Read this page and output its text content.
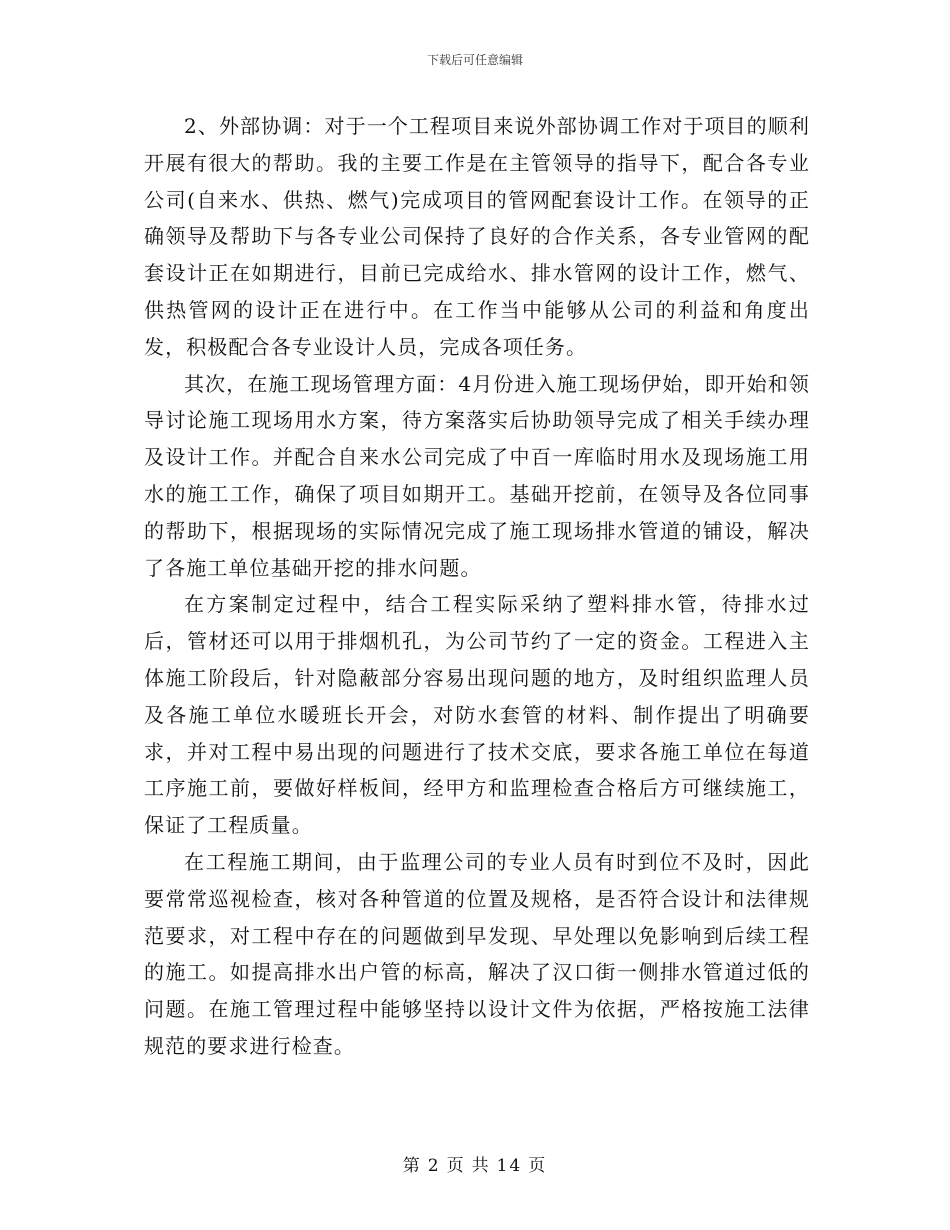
下载后可任意编辑

2、外部协调：对于一个工程项目来说外部协调工作对于项目的顺利开展有很大的帮助。我的主要工作是在主管领导的指导下，配合各专业公司(自来水、供热、燃气)完成项目的管网配套设计工作。在领导的正确领导及帮助下与各专业公司保持了良好的合作关系，各专业管网的配套设计正在如期进行，目前已完成给水、排水管网的设计工作，燃气、供热管网的设计正在进行中。在工作当中能够从公司的利益和角度出发，积极配合各专业设计人员，完成各项任务。

其次，在施工现场管理方面：4月份进入施工现场伊始，即开始和领导讨论施工现场用水方案，待方案落实后协助领导完成了相关手续办理及设计工作。并配合自来水公司完成了中百一库临时用水及现场施工用水的施工工作，确保了项目如期开工。基础开挖前，在领导及各位同事的帮助下，根据现场的实际情况完成了施工现场排水管道的铺设，解决了各施工单位基础开挖的排水问题。

在方案制定过程中，结合工程实际采纳了塑料排水管，待排水过后，管材还可以用于排烟机孔，为公司节约了一定的资金。工程进入主体施工阶段后，针对隐蔽部分容易出现问题的地方，及时组织监理人员及各施工单位水暖班长开会，对防水套管的材料、制作提出了明确要求，并对工程中易出现的问题进行了技术交底，要求各施工单位在每道工序施工前，要做好样板间，经甲方和监理检查合格后方可继续施工，保证了工程质量。

在工程施工期间，由于监理公司的专业人员有时到位不及时，因此要常常巡视检查，核对各种管道的位置及规格，是否符合设计和法律规范要求，对工程中存在的问题做到早发现、早处理以免影响到后续工程的施工。如提高排水出户管的标高，解决了汉口街一侧排水管道过低的问题。在施工管理过程中能够坚持以设计文件为依据，严格按施工法律规范的要求进行检查。

第 2 页 共 14 页
